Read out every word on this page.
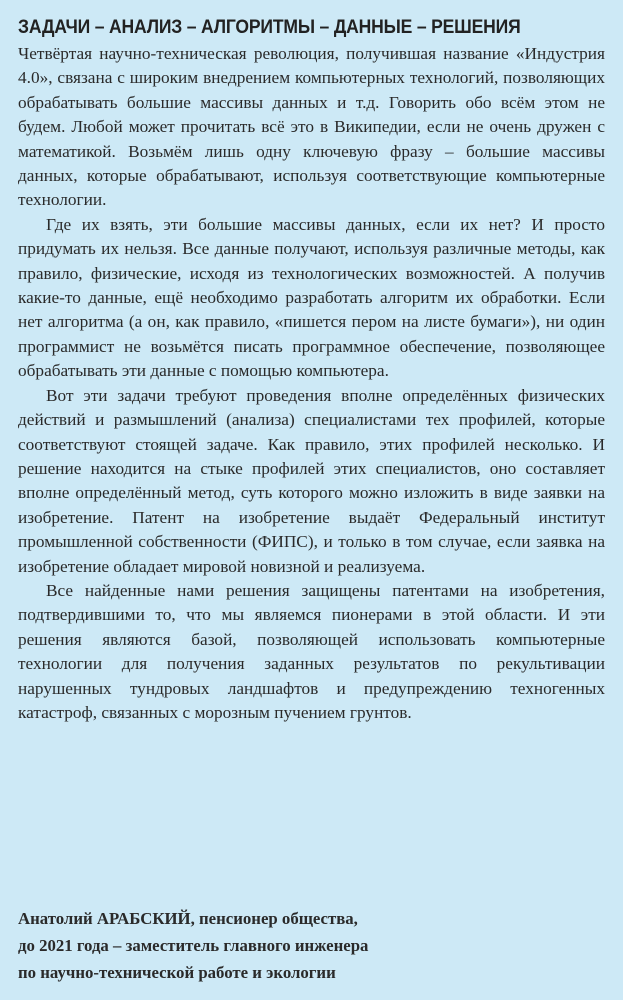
ЗАДАЧИ – АНАЛИЗ – АЛГОРИТМЫ – ДАННЫЕ – РЕШЕНИЯ

Четвёртая научно-техническая революция, получившая название «Индустрия 4.0», связана с широким внедрением компьютерных технологий, позволяющих обрабатывать большие массивы данных и т.д. Говорить обо всём этом не будем. Любой может прочитать всё это в Википедии, если не очень дружен с математикой. Возьмём лишь одну ключевую фразу – большие массивы данных, которые обрабатывают, используя соответствующие компьютерные технологии.

Где их взять, эти большие массивы данных, если их нет? И просто придумать их нельзя. Все данные получают, используя различные методы, как правило, физические, исходя из технологических возможностей. А получив какие-то данные, ещё необходимо разработать алгоритм их обработки. Если нет алгоритма (а он, как правило, «пишется пером на листе бумаги»), ни один программист не возьмётся писать программное обеспечение, позволяющее обрабатывать эти данные с помощью компьютера.

Вот эти задачи требуют проведения вполне определённых физических действий и размышлений (анализа) специалистами тех профилей, которые соответствуют стоящей задаче. Как правило, этих профилей несколько. И решение находится на стыке профилей этих специалистов, оно составляет вполне определённый метод, суть которого можно изложить в виде заявки на изобретение. Патент на изобретение выдаёт Федеральный институт промышленной собственности (ФИПС), и только в том случае, если заявка на изобретение обладает мировой новизной и реализуема.

Все найденные нами решения защищены патентами на изобретения, подтвердившими то, что мы являемся пионерами в этой области. И эти решения являются базой, позволяющей использовать компьютерные технологии для получения заданных результатов по рекультивации нарушенных тундровых ландшафтов и предупреждению техногенных катастроф, связанных с морозным пучением грунтов.

Анатолий АРАБСКИЙ, пенсионер общества,
до 2021 года – заместитель главного инженера
по научно-технической работе и экологии
